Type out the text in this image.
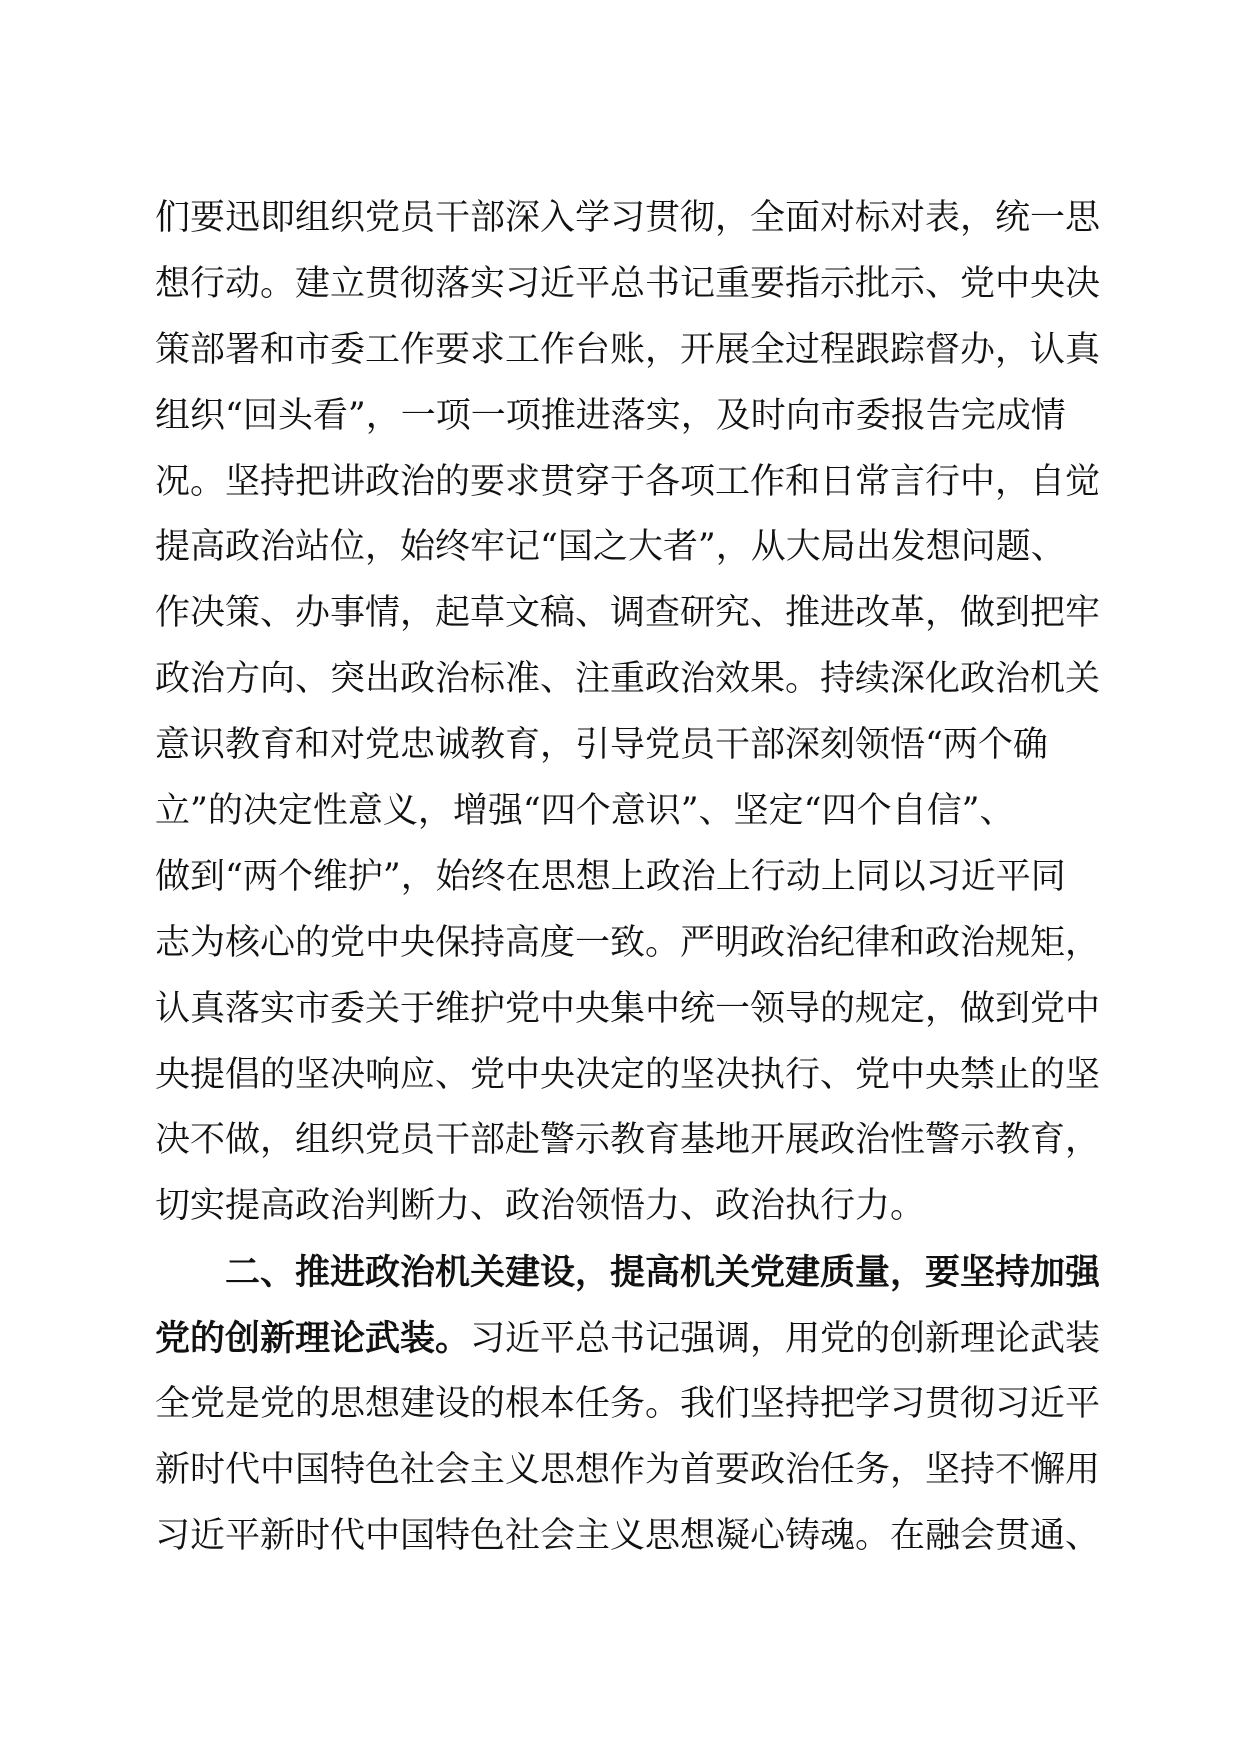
们要迅即组织党员干部深入学习贯彻，全面对标对表，统一思
想行动。建立贯彻落实习近平总书记重要指示批示、党中央决
策部署和市委工作要求工作台账，开展全过程跟踪督办，认真
组织“回头看”，一项一项推进落实，及时向市委报告完成情
况。坚持把讲政治的要求贯穿于各项工作和日常言行中，自觉
提高政治站位，始终牢记“国之大者”，从大局出发想问题、
作决策、办事情，起草文稿、调查研究、推进改革，做到把牢
政治方向、突出政治标准、注重政治效果。持续深化政治机关
意识教育和对党忠诚教育，引导党员干部深刻领悟“两个确
立”的决定性意义，增强“四个意识”、坚定“四个自信”、
做到“两个维护”，始终在思想上政治上行动上同以习近平同
志为核心的党中央保持高度一致。严明政治纪律和政治规矩，
认真落实市委关于维护党中央集中统一领导的规定，做到党中
央提倡的坚决响应、党中央决定的坚决执行、党中央禁止的坚
决不做，组织党员干部赴警示教育基地开展政治性警示教育，
切实提高政治判断力、政治领悟力、政治执行力。
二、推进政治机关建设，提高机关党建质量，要坚持加强
党的创新理论武装。习近平总书记强调，用党的创新理论武装
全党是党的思想建设的根本任务。我们坚持把学习贯彻习近平
新时代中国特色社会主义思想作为首要政治任务，坚持不懈用
习近平新时代中国特色社会主义思想凝心铸魂。在融会贯通、
